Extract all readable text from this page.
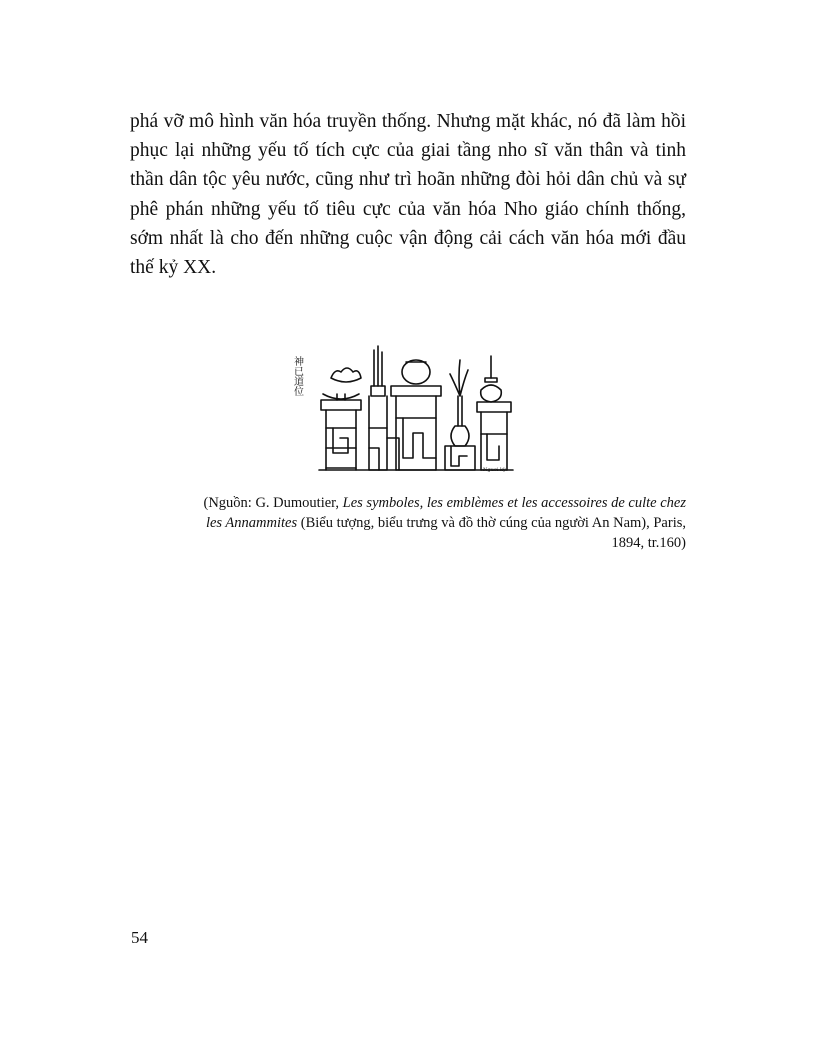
phá vỡ mô hình văn hóa truyền thống. Nhưng mặt khác, nó đã làm hồi phục lại những yếu tố tích cực của giai tầng nho sĩ văn thân và tinh thần dân tộc yêu nước, cũng như trì hoãn những đòi hỏi dân chủ và sự phê phán những yếu tố tiêu cực của văn hóa Nho giáo chính thống, sớm nhất là cho đến những cuộc vận động cải cách văn hóa mới đầu thế kỷ XX.

神已道位
Nguơi kỳ

(Nguồn: G. Dumoutier, Les symboles, les emblèmes et les accessoires de culte chez les Annammites (Biểu tượng, biểu trưng và đồ thờ cúng của người An Nam), Paris, 1894, tr.160)

54
